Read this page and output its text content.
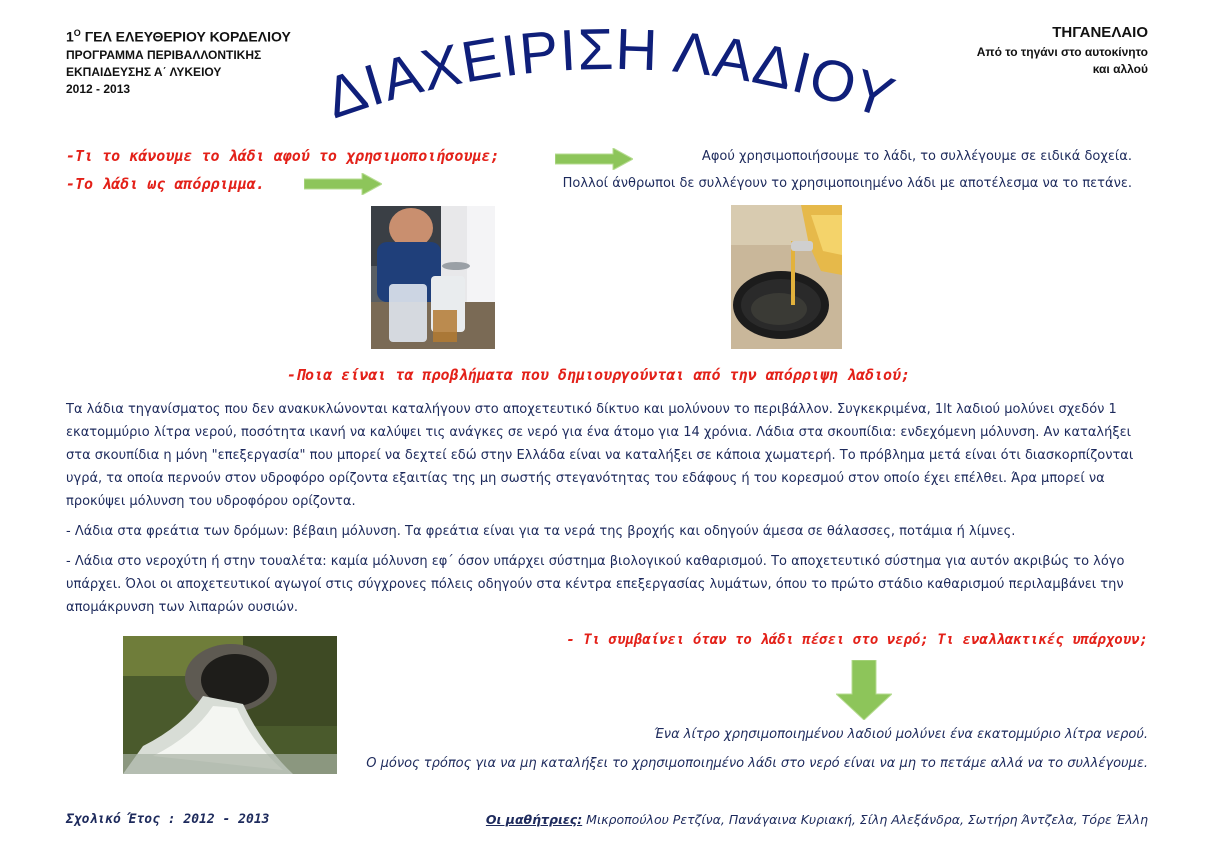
$1^O$ ΓΕΛ ΕΛΕΥΘΕΡΙΟΥ ΚΟΡΔΕΛΙΟΥ
ΠΡΟΓΡΑΜΜΑ ΠΕΡΙΒΑΛΛΟΝΤΙΚΗΣ
ΕΚΠΑΙΔΕΥΣΗΣ Α΄ ΛΥΚΕΙΟΥ
2012 - 2013
ΤΗΓΑΝΕΛΑΙΟ
Από το τηγάνι στο αυτοκίνητο
και αλλού
ΔΙΑΧΕΙΡΙΣΗ ΛΑΔΙΟΥ
-Τι το κάνουμε το λάδι αφού το χρησιμοποιήσουμε;	Αφού χρησιμοποιήσουμε το λάδι, το συλλέγουμε σε ειδικά δοχεία.
-Το λάδι ως απόρριμμα.	Πολλοί άνθρωποι δε συλλέγουν το χρησιμοποιημένο λάδι με αποτέλεσμα να το πετάνε.
-Ποια είναι τα προβλήματα που δημιουργούνται από την απόρριψη λαδιού;

Τα λάδια τηγανίσματος που δεν ανακυκλώνονται καταλήγουν στο αποχετευτικό δίκτυο και μολύνουν το περιβάλλον. Συγκεκριμένα, 1lt λαδιού μολύνει σχεδόν 1 εκατομμύριο λίτρα νερού, ποσότητα ικανή να καλύψει τις ανάγκες σε νερό για ένα άτομο για 14 χρόνια. Λάδια στα σκουπίδια: ενδεχόμενη μόλυνση. Αν καταλήξει στα σκουπίδια η μόνη "επεξεργασία" που μπορεί να δεχτεί εδώ στην Ελλάδα είναι να καταλήξει σε κάποια χωματερή. Το πρόβλημα μετά είναι ότι διασκορπίζονται υγρά, τα οποία περνούν στον υδροφόρο ορίζοντα εξαιτίας της μη σωστής στεγανότητας του εδάφους ή του κορεσμού στον οποίο έχει επέλθει. Άρα μπορεί να προκύψει μόλυνση του υδροφόρου ορίζοντα.

- Λάδια στα φρεάτια των δρόμων: βέβαιη μόλυνση. Τα φρεάτια είναι για τα νερά της βροχής και οδηγούν άμεσα σε θάλασσες, ποτάμια ή λίμνες.

- Λάδια στο νεροχύτη ή στην τουαλέτα: καμία μόλυνση εφ΄ όσον υπάρχει σύστημα βιολογικού καθαρισμού. Το αποχετευτικό σύστημα για αυτόν ακριβώς το λόγο υπάρχει. Όλοι οι αποχετευτικοί αγωγοί στις σύγχρονες πόλεις οδηγούν στα κέντρα επεξεργασίας λυμάτων, όπου το πρώτο στάδιο καθαρισμού περιλαμβάνει την απομάκρυνση των λιπαρών ουσιών.

- Τι συμβαίνει όταν το λάδι πέσει στο νερό; Τι εναλλακτικές υπάρχουν;
Ένα λίτρο χρησιμοποιημένου λαδιού μολύνει ένα εκατομμύριο λίτρα νερού.
Ο μόνος τρόπος για να μη καταλήξει το χρησιμοποιημένο λάδι στο νερό είναι να μη το πετάμε αλλά να το συλλέγουμε.
Σχολικό Έτος : 2012 - 2013	Οι μαθήτριες: Μικροπούλου Ρετζίνα, Πανάγαινα Κυριακή, Σίλη Αλεξάνδρα, Σωτήρη Άντζελα, Τόρε Έλλη
